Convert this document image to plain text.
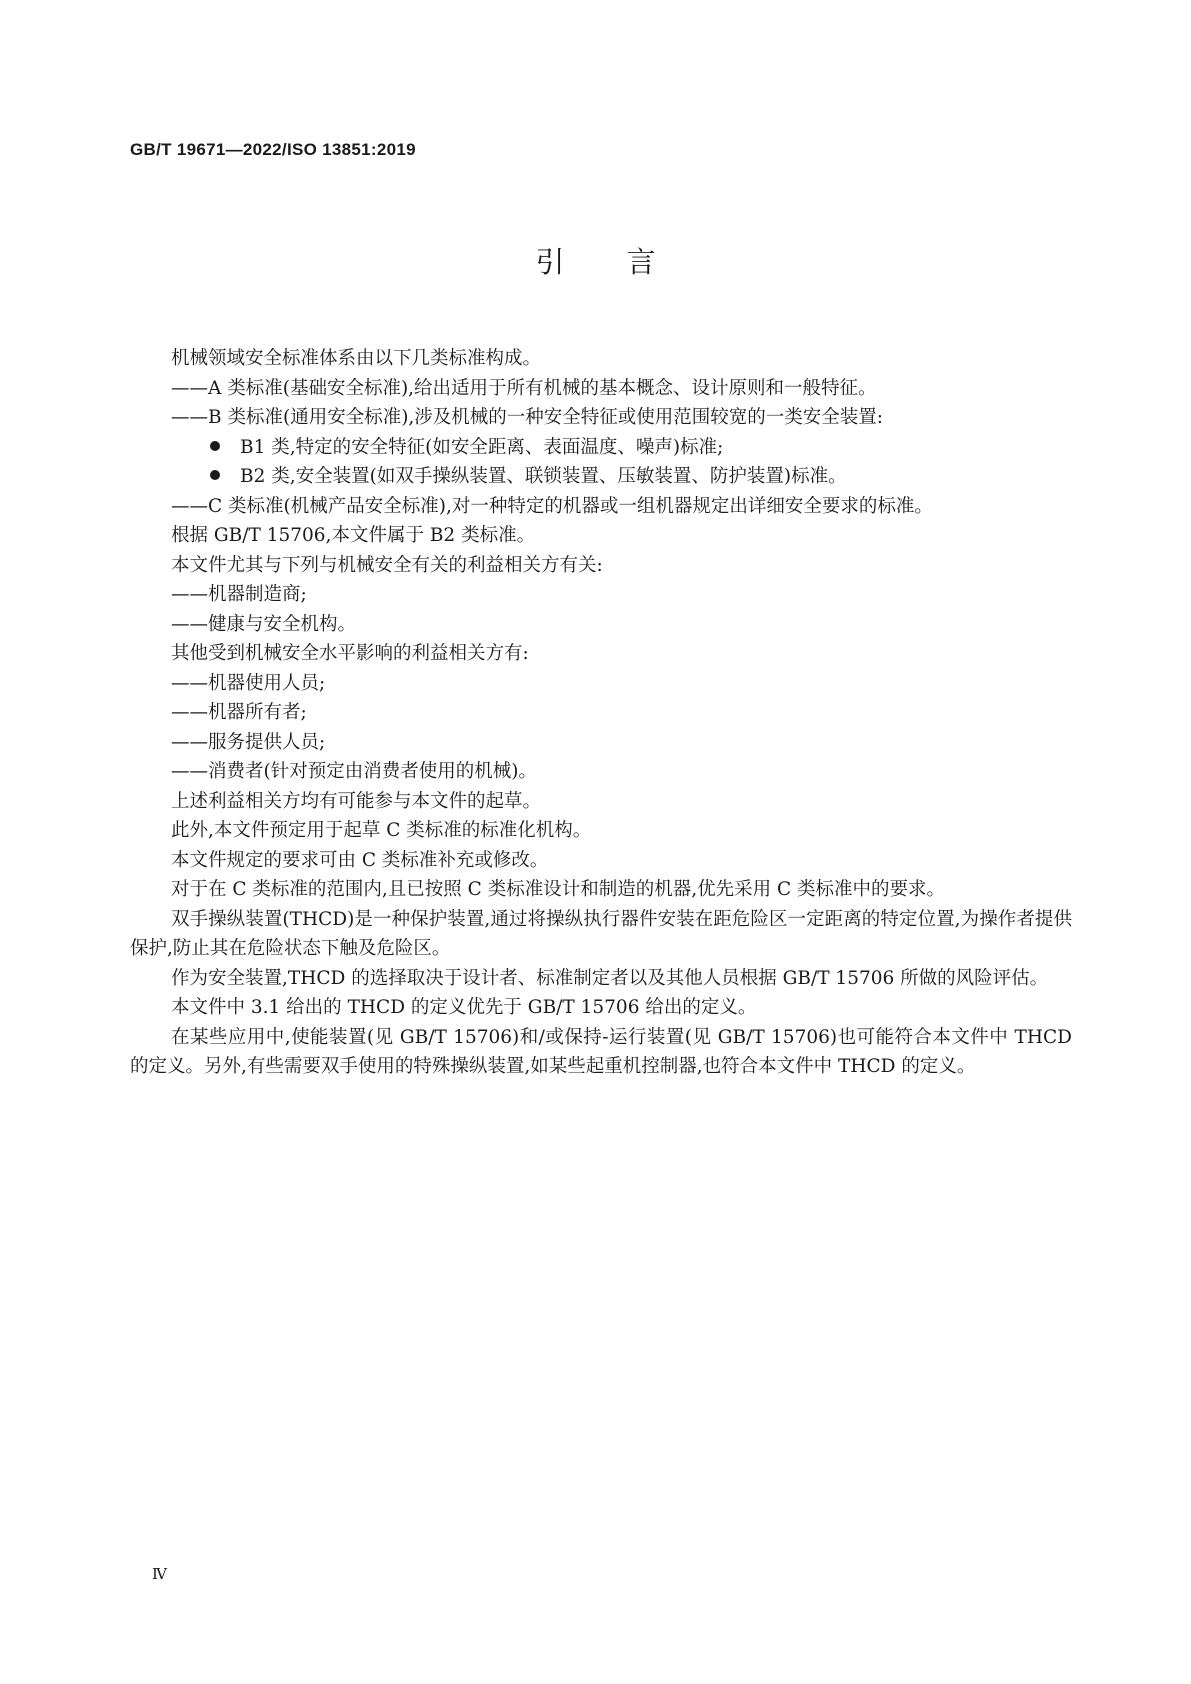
GB/T 19671—2022/ISO 13851:2019
引言
机械领域安全标准体系由以下几类标准构成。
——A 类标准(基础安全标准),给出适用于所有机械的基本概念、设计原则和一般特征。
——B 类标准(通用安全标准),涉及机械的一种安全特征或使用范围较宽的一类安全装置:
B1 类,特定的安全特征(如安全距离、表面温度、噪声)标准;
B2 类,安全装置(如双手操纵装置、联锁装置、压敏装置、防护装置)标准。
——C 类标准(机械产品安全标准),对一种特定的机器或一组机器规定出详细安全要求的标准。
根据 GB/T 15706,本文件属于 B2 类标准。
本文件尤其与下列与机械安全有关的利益相关方有关:
——机器制造商;
——健康与安全机构。
其他受到机械安全水平影响的利益相关方有:
——机器使用人员;
——机器所有者;
——服务提供人员;
——消费者(针对预定由消费者使用的机械)。
上述利益相关方均有可能参与本文件的起草。
此外,本文件预定用于起草 C 类标准的标准化机构。
本文件规定的要求可由 C 类标准补充或修改。
对于在 C 类标准的范围内,且已按照 C 类标准设计和制造的机器,优先采用 C 类标准中的要求。
双手操纵装置(THCD)是一种保护装置,通过将操纵执行器件安装在距危险区一定距离的特定位置,为操作者提供保护,防止其在危险状态下触及危险区。
作为安全装置,THCD 的选择取决于设计者、标准制定者以及其他人员根据 GB/T 15706 所做的风险评估。
本文件中 3.1 给出的 THCD 的定义优先于 GB/T 15706 给出的定义。
在某些应用中,使能装置(见 GB/T 15706)和/或保持-运行装置(见 GB/T 15706)也可能符合本文件中 THCD 的定义。另外,有些需要双手使用的特殊操纵装置,如某些起重机控制器,也符合本文件中 THCD 的定义。
Ⅳ
